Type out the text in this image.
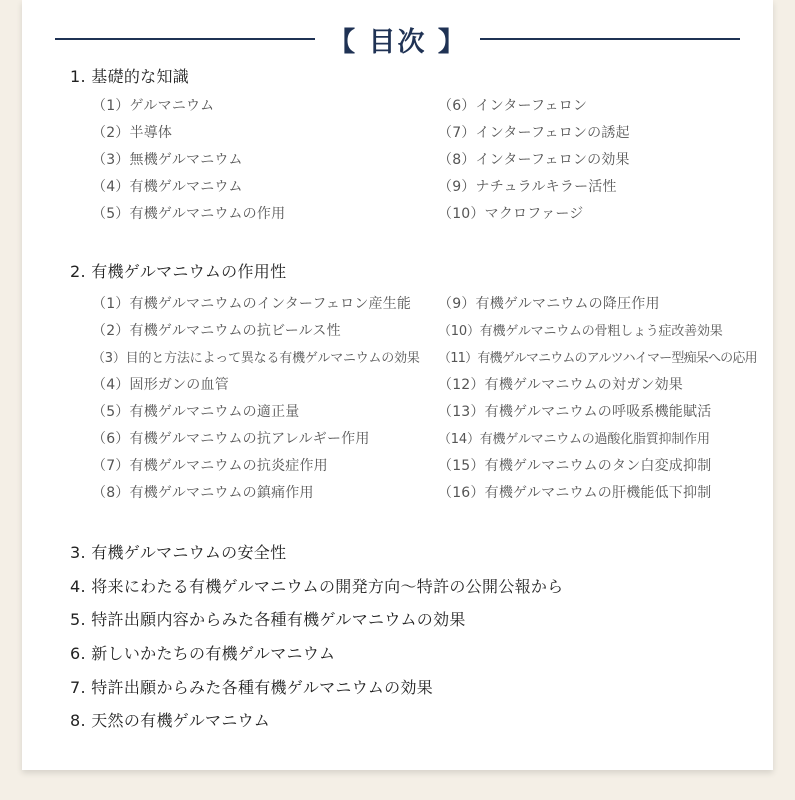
【 目次 】
1. 基礎的な知識
（1）ゲルマニウム
（2）半導体
（3）無機ゲルマニウム
（4）有機ゲルマニウム
（5）有機ゲルマニウムの作用
（6）インターフェロン
（7）インターフェロンの誘起
（8）インターフェロンの効果
（9）ナチュラルキラー活性
（10）マクロファージ
2. 有機ゲルマニウムの作用性
（1）有機ゲルマニウムのインターフェロン産生能
（2）有機ゲルマニウムの抗ビールス性
（3）目的と方法によって異なる有機ゲルマニウムの効果
（4）固形ガンの血管
（5）有機ゲルマニウムの適正量
（6）有機ゲルマニウムの抗アレルギー作用
（7）有機ゲルマニウムの抗炎症作用
（8）有機ゲルマニウムの鎮痛作用
（9）有機ゲルマニウムの降圧作用
（10）有機ゲルマニウムの骨粗しょう症改善効果
（11）有機ゲルマニウムのアルツハイマー型痴呆への応用
（12）有機ゲルマニウムの対ガン効果
（13）有機ゲルマニウムの呼吸系機能賦活
（14）有機ゲルマニウムの過酸化脂質抑制作用
（15）有機ゲルマニウムのタン白変成抑制
（16）有機ゲルマニウムの肝機能低下抑制
3. 有機ゲルマニウムの安全性
4. 将来にわたる有機ゲルマニウムの開発方向〜特許の公開公報から
5. 特許出願内容からみた各種有機ゲルマニウムの効果
6. 新しいかたちの有機ゲルマニウム
7. 特許出願からみた各種有機ゲルマニウムの効果
8. 天然の有機ゲルマニウム
